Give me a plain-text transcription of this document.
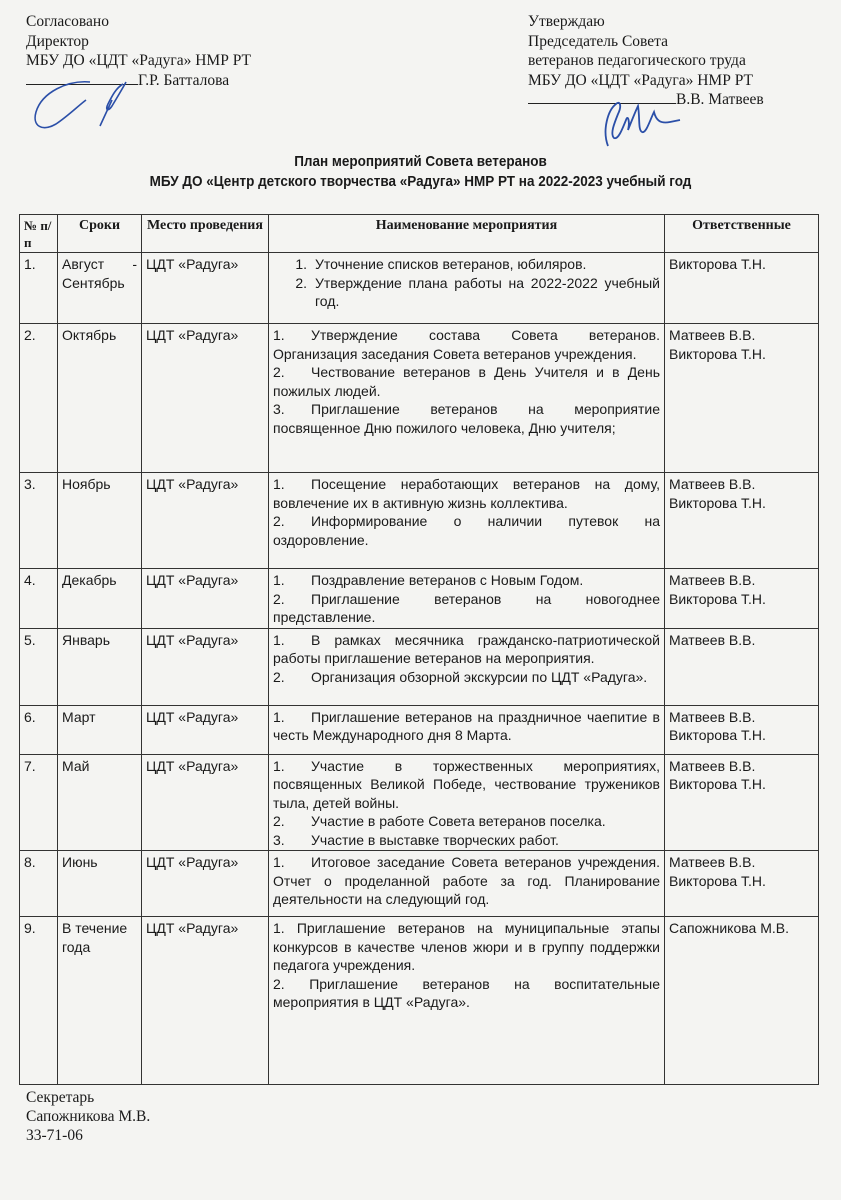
Согласовано
Директор
МБУ ДО «ЦДТ «Радуга» НМР РТ
Г.Р. Батталова
Утверждаю
Председатель Совета
ветеранов педагогического труда
МБУ ДО «ЦДТ «Радуга» НМР РТ
В.В. Матвеев
План мероприятий Совета ветеранов
МБУ ДО «Центр детского творчества «Радуга» НМР РТ на 2022-2023 учебный год
№ п/п	Сроки	Место проведения	Наименование мероприятия	Ответственные
1.	Август - Сентябрь	ЦДТ «Радуга»	1. Уточнение списков ветеранов, юбиляров.
2. Утверждение плана работы на 2022-2022 учебный год.	Викторова Т.Н.

2.	Октябрь	ЦДТ «Радуга»	1. Утверждение состава Совета ветеранов. Организация заседания Совета ветеранов учреждения.
2. Чествование ветеранов в День Учителя и в День пожилых людей.
3. Приглашение ветеранов на мероприятие посвященное Дню пожилого человека, Дню учителя;

Матвеев В.В.
Викторова Т.Н.

3.	Ноябрь	ЦДТ «Радуга»	1. Посещение неработающих ветеранов на дому, вовлечение их в активную жизнь коллектива.
2. Информирование о наличии путевок на оздоровление.

Матвеев В.В.
Викторова Т.Н.

4.	Декабрь	ЦДТ «Радуга»	1. Поздравление ветеранов с Новым Годом.
2. Приглашение ветеранов на новогоднее представление.

Матвеев В.В.
Викторова Т.Н.

5.	Январь	ЦДТ «Радуга»	1. В рамках месячника гражданско-патриотической работы приглашение ветеранов на мероприятия.
2. Организация обзорной экскурсии по ЦДТ «Радуга».	Матвеев В.В.

6.	Март	ЦДТ «Радуга»	1. Приглашение ветеранов на праздничное чаепитие в честь Международного дня 8 Марта.	Матвеев В.В.
Викторова Т.Н.

7.	Май	ЦДТ «Радуга»	1. Участие в торжественных мероприятиях, посвященных Великой Победе, чествование тружеников тыла, детей войны.
2. Участие в работе Совета ветеранов поселка.
3. Участие в выставке творческих работ.

Матвеев В.В.
Викторова Т.Н.

8.	Июнь	ЦДТ «Радуга»	1. Итоговое заседание Совета ветеранов учреждения. Отчет о проделанной работе за год. Планирование деятельности на следующий год.	Матвеев В.В.
Викторова Т.Н.

9.	В течение года	ЦДТ «Радуга»	1. Приглашение ветеранов на муниципальные этапы конкурсов в качестве членов жюри и в группу поддержки педагога учреждения.
2. Приглашение ветеранов на воспитательные мероприятия в ЦДТ «Радуга».	Сапожникова М.В.
Секретарь
Сапожникова М.В.
33-71-06
